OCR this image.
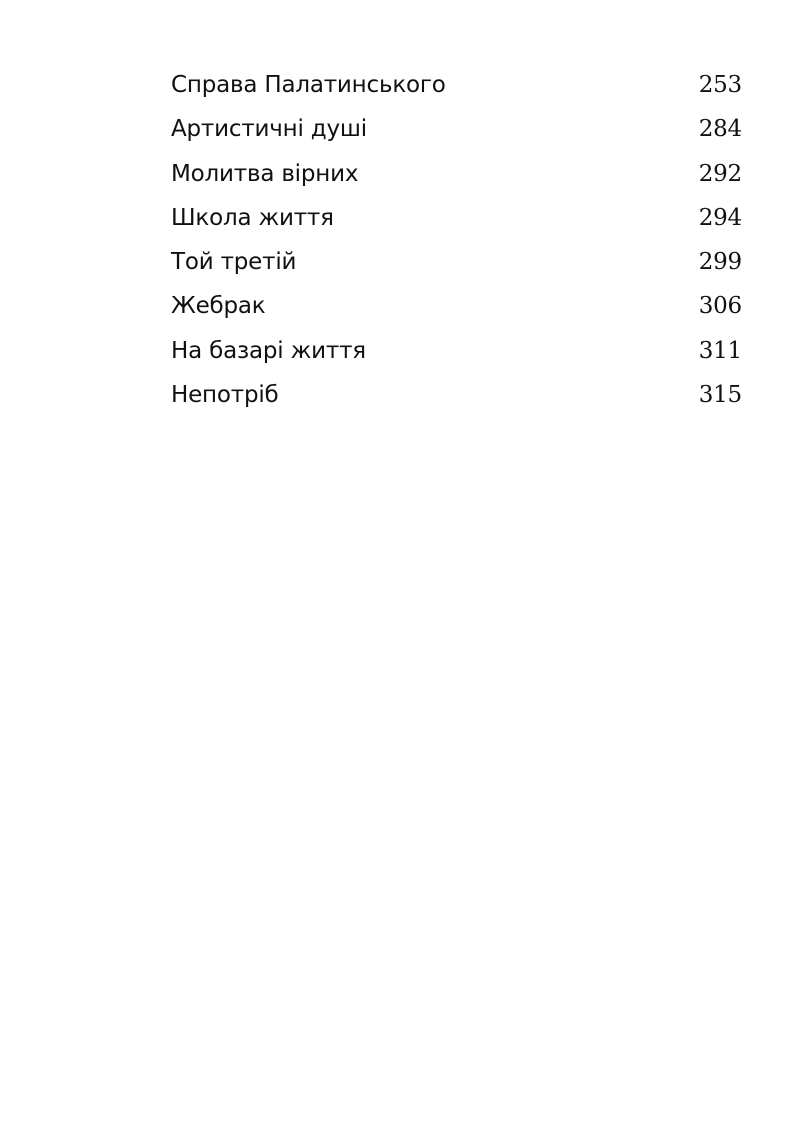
Справа Палатинського	253
Артистичні душі	284
Молитва вірних	292
Школа життя	294
Той третій	299
Жебрак	306
На базарі життя	311
Непотріб	315
